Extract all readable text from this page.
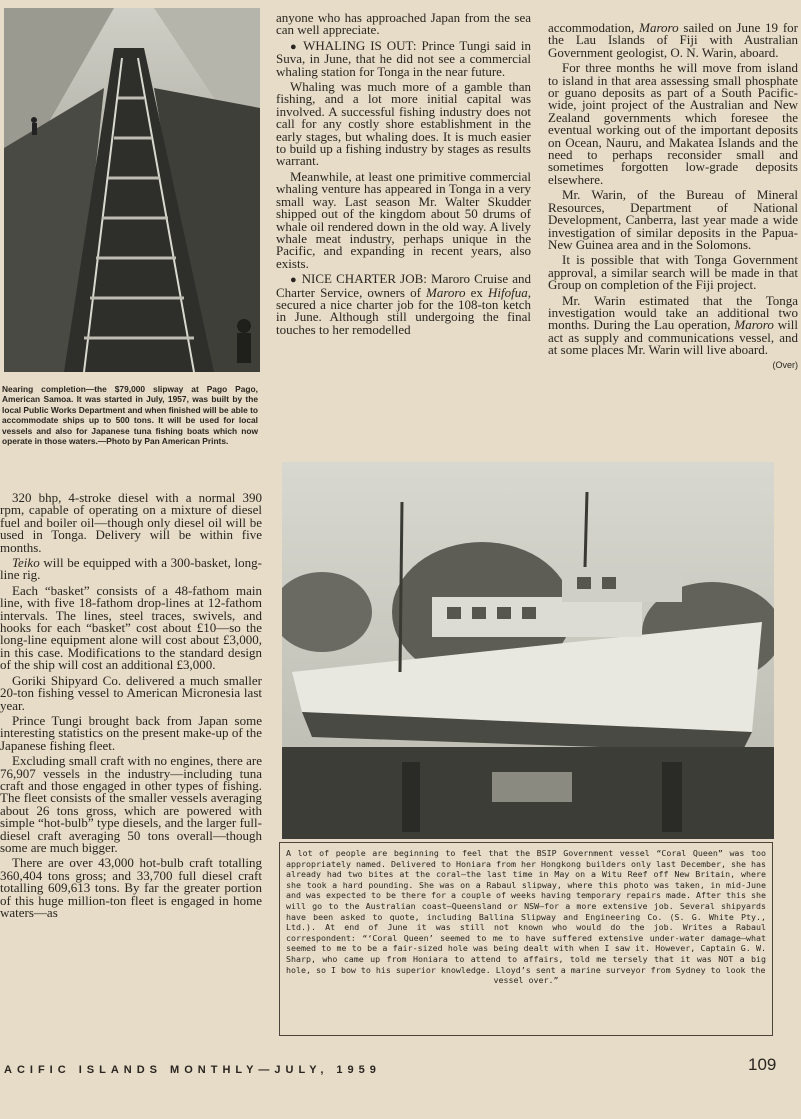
Nearing completion—the $79,000 slipway at Pago Pago, American Samoa. It was started in July, 1957, was built by the local Public Works Department and when finished will be able to accommodate ships up to 500 tons. It will be used for local vessels and also for Japanese tuna fishing boats which now operate in those waters.—Photo by Pan American Prints.

anyone who has approached Japan from the sea can well appreciate.

● WHALING IS OUT: Prince Tungi said in Suva, in June, that he did not see a commercial whaling station for Tonga in the near future.

Whaling was much more of a gamble than fishing, and a lot more initial capital was involved. A successful fishing industry does not call for any costly shore establishment in the early stages, but whaling does. It is much easier to build up a fishing industry by stages as results warrant.

Meanwhile, at least one primitive commercial whaling venture has appeared in Tonga in a very small way. Last season Mr. Walter Skudder shipped out of the kingdom about 50 drums of whale oil rendered down in the old way. A lively whale meat industry, perhaps unique in the Pacific, and expanding in recent years, also exists.

● NICE CHARTER JOB: Maroro Cruise and Charter Service, owners of Maroro ex Hifofua, secured a nice charter job for the 108-ton ketch in June. Although still undergoing the final touches to her remodelled

accommodation, Maroro sailed on June 19 for the Lau Islands of Fiji with Australian Government geologist, O. N. Warin, aboard.

For three months he will move from island to island in that area assessing small phosphate or guano deposits as part of a South Pacific-wide, joint project of the Australian and New Zealand governments which foresee the eventual working out of the important deposits on Ocean, Nauru, and Makatea Islands and the need to perhaps reconsider small and sometimes forgotten low-grade deposits elsewhere.

Mr. Warin, of the Bureau of Mineral Resources, Department of National Development, Canberra, last year made a wide investigation of similar deposits in the Papua-New Guinea area and in the Solomons.

It is possible that with Tonga Government approval, a similar search will be made in that Group on completion of the Fiji project.

Mr. Warin estimated that the Tonga investigation would take an additional two months. During the Lau operation, Maroro will act as supply and communications vessel, and at some places Mr. Warin will live aboard.
(Over)

320 bhp, 4-stroke diesel with a normal 390 rpm, capable of operating on a mixture of diesel fuel and boiler oil—though only diesel oil will be used in Tonga. Delivery will be within five months.

Teiko will be equipped with a 300-basket, long-line rig.

Each “basket” consists of a 48-fathom main line, with five 18-fathom drop-lines at 12-fathom intervals. The lines, steel traces, swivels, and hooks for each “basket” cost about £10—so the long-line equipment alone will cost about £3,000, in this case. Modifications to the standard design of the ship will cost an additional £3,000.

Goriki Shipyard Co. delivered a much smaller 20-ton fishing vessel to American Micronesia last year.

Prince Tungi brought back from Japan some interesting statistics on the present make-up of the Japanese fishing fleet.

Excluding small craft with no engines, there are 76,907 vessels in the industry—including tuna craft and those engaged in other types of fishing. The fleet consists of the smaller vessels averaging about 26 tons gross, which are powered with simple “hot-bulb” type diesels, and the larger full-diesel craft averaging 50 tons overall—though some are much bigger.

There are over 43,000 hot-bulb craft totalling 360,404 tons gross; and 33,700 full diesel craft totalling 609,613 tons. By far the greater portion of this huge million-ton fleet is engaged in home waters—as

A lot of people are beginning to feel that the BSIP Government vessel “Coral Queen” was too appropriately named. Delivered to Honiara from her Hongkong builders only last December, she has already had two bites at the coral—the last time in May on a Witu Reef off New Britain, where she took a hard pounding. She was on a Rabaul slipway, where this photo was taken, in mid-June and was expected to be there for a couple of weeks having temporary repairs made. After this she will go to the Australian coast—Queensland or NSW—for a more extensive job. Several shipyards have been asked to quote, including Ballina Slipway and Engineering Co. (S. G. White Pty., Ltd.). At end of June it was still not known who would do the job. Writes a Rabaul correspondent: “‘Coral Queen’ seemed to me to have suffered extensive under-water damage—what seemed to me to be a fair-sized hole was being dealt with when I saw it. However, Captain G. W. Sharp, who came up from Honiara to attend to affairs, told me tersely that it was NOT a big hole, so I bow to his superior knowledge. Lloyd’s sent a marine surveyor from Sydney to look the
vessel over.”
ACIFIC ISLANDS MONTHLY—JULY, 1959	109
